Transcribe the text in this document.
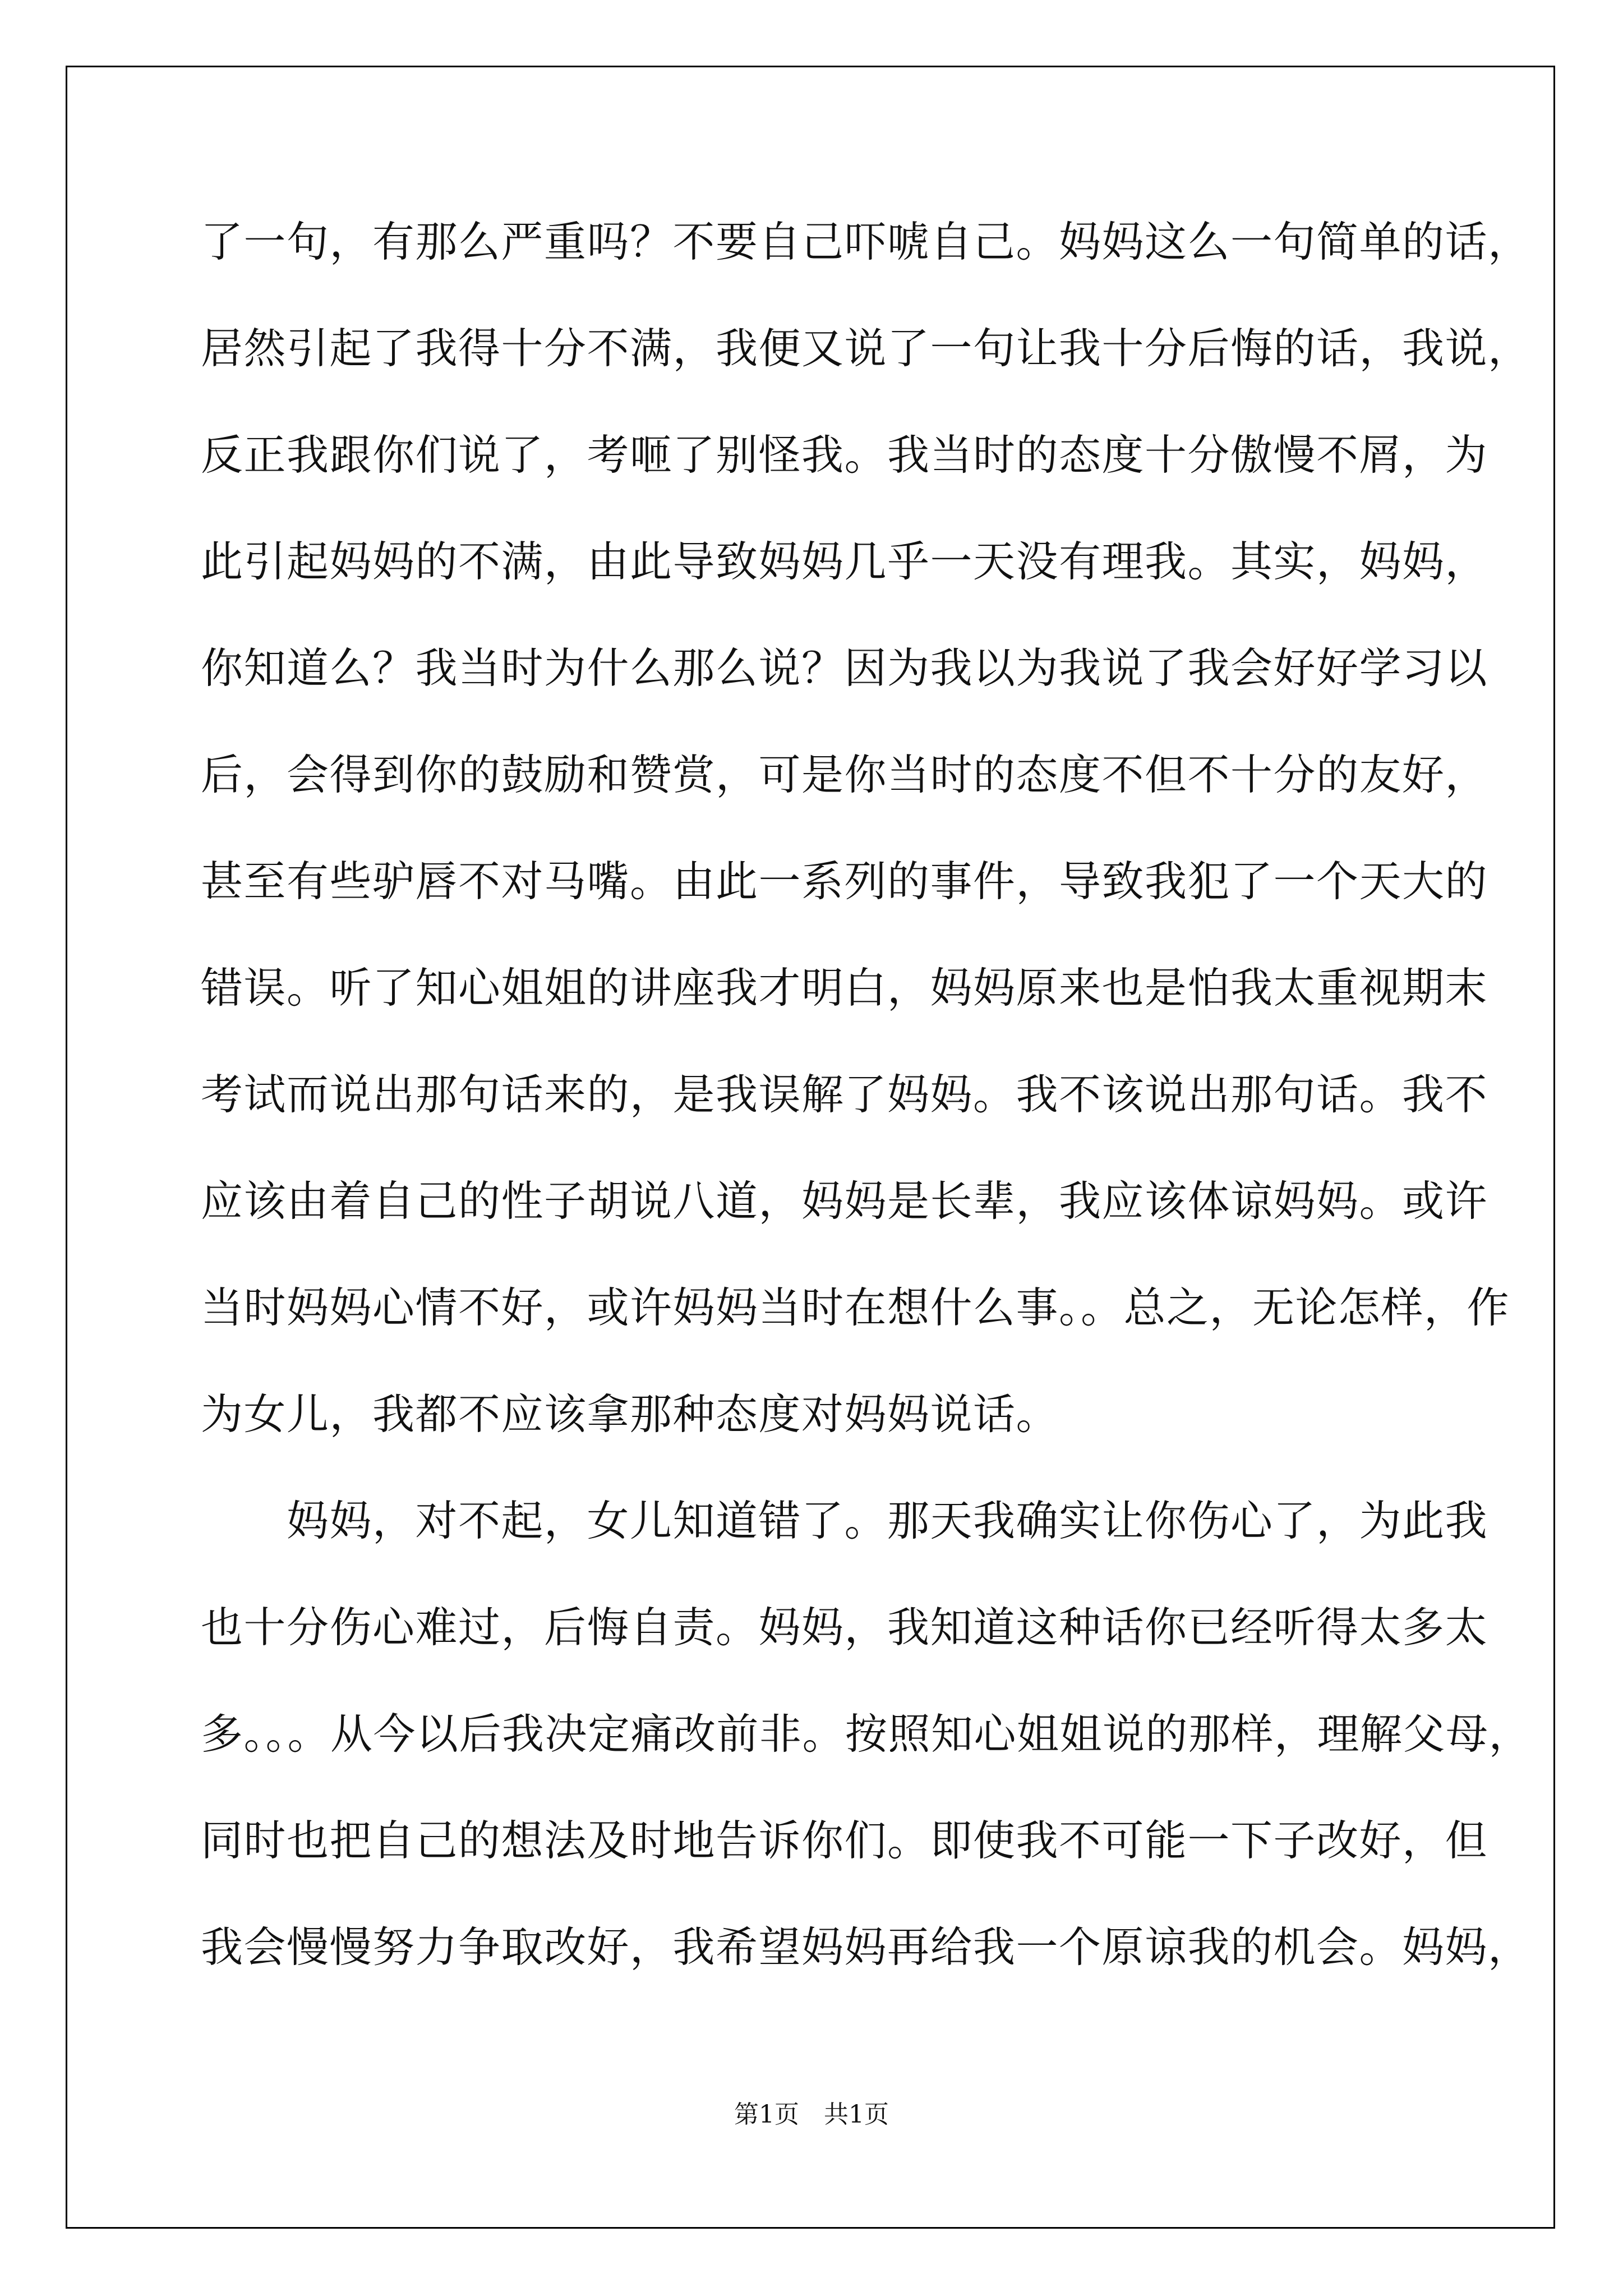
了一句，有那么严重吗？不要自己吓唬自己。妈妈这么一句简单的话，
居然引起了我得十分不满，我便又说了一句让我十分后悔的话，我说，
反正我跟你们说了，考咂了别怪我。我当时的态度十分傲慢不屑，为
此引起妈妈的不满，由此导致妈妈几乎一天没有理我。其实，妈妈，
你知道么？我当时为什么那么说？因为我以为我说了我会好好学习以
后，会得到你的鼓励和赞赏，可是你当时的态度不但不十分的友好，
甚至有些驴唇不对马嘴。由此一系列的事件，导致我犯了一个天大的
错误。听了知心姐姐的讲座我才明白，妈妈原来也是怕我太重视期末
考试而说出那句话来的，是我误解了妈妈。我不该说出那句话。我不
应该由着自己的性子胡说八道，妈妈是长辈，我应该体谅妈妈。或许
当时妈妈心情不好，或许妈妈当时在想什么事。。总之，无论怎样，作
为女儿，我都不应该拿那种态度对妈妈说话。
　　妈妈，对不起，女儿知道错了。那天我确实让你伤心了，为此我
也十分伤心难过，后悔自责。妈妈，我知道这种话你已经听得太多太
多。。。从今以后我决定痛改前非。按照知心姐姐说的那样，理解父母，
同时也把自己的想法及时地告诉你们。即使我不可能一下子改好，但
我会慢慢努力争取改好，我希望妈妈再给我一个原谅我的机会。妈妈，
第1页　共1页
